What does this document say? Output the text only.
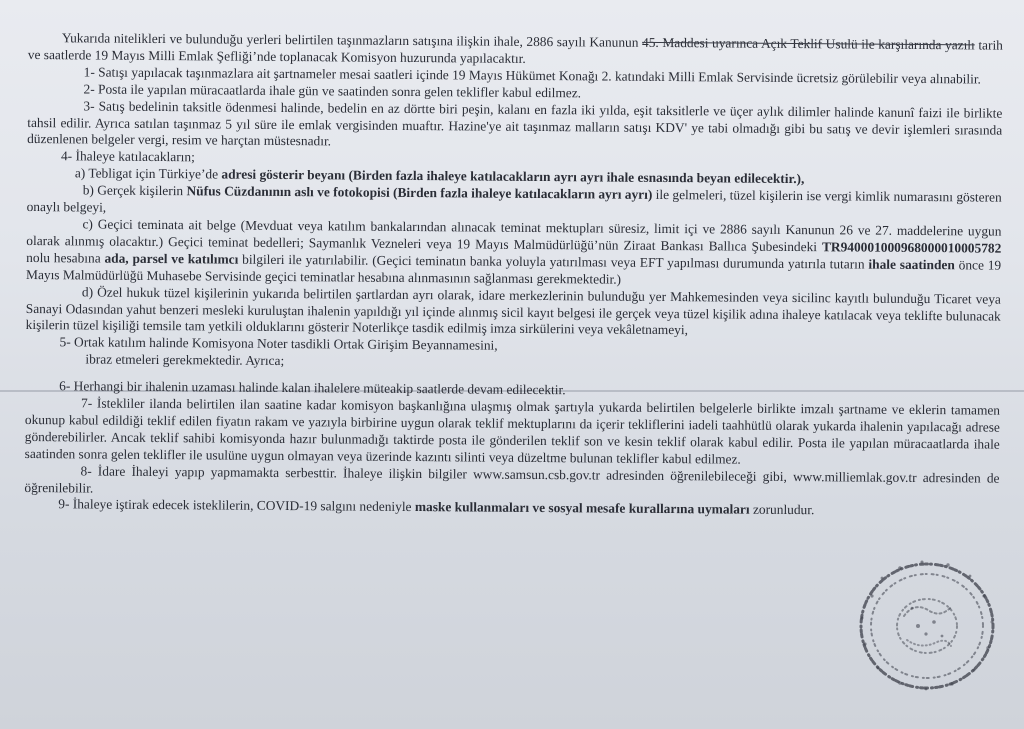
Yukarıda nitelikleri ve bulunduğu yerleri belirtilen taşınmazların satışına ilişkin ihale, 2886 sayılı Kanunun 45. Maddesi uyarınca Açık Teklif Usulü ile karşılarında yazılı tarih ve saatlerde 19 Mayıs Milli Emlak Şefliği’nde toplanacak Komisyon huzurunda yapılacaktır.

1- Satışı yapılacak taşınmazlara ait şartnameler mesai saatleri içinde 19 Mayıs Hükümet Konağı 2. katındaki Milli Emlak Servisinde ücretsiz görülebilir veya alınabilir.

2- Posta ile yapılan müracaatlarda ihale gün ve saatinden sonra gelen teklifler kabul edilmez.

3- Satış bedelinin taksitle ödenmesi halinde, bedelin en az dörtte biri peşin, kalanı en fazla iki yılda, eşit taksitlerle ve üçer aylık dilimler halinde kanunî faizi ile birlikte tahsil edilir. Ayrıca satılan taşınmaz 5 yıl süre ile emlak vergisinden muaftır. Hazine'ye ait taşınmaz malların satışı KDV' ye tabi olmadığı gibi bu satış ve devir işlemleri sırasında düzenlenen belgeler vergi, resim ve harçtan müstesnadır.

4- İhaleye katılacakların;

a) Tebligat için Türkiye’de adresi gösterir beyanı (Birden fazla ihaleye katılacakların ayrı ayrı ihale esnasında beyan edilecektir.),

b) Gerçek kişilerin Nüfus Cüzdanının aslı ve fotokopisi (Birden fazla ihaleye katılacakların ayrı ayrı) ile gelmeleri, tüzel kişilerin ise vergi kimlik numarasını gösteren onaylı belgeyi,

c) Geçici teminata ait belge (Mevduat veya katılım bankalarından alınacak teminat mektupları süresiz, limit içi ve 2886 sayılı Kanunun 26 ve 27. maddelerine uygun olarak alınmış olacaktır.) Geçici teminat bedelleri; Saymanlık Vezneleri veya 19 Mayıs Malmüdürlüğü’nün Ziraat Bankası Ballıca Şubesindeki TR940001000968000010005782 nolu hesabına ada, parsel ve katılımcı bilgileri ile yatırılabilir. (Geçici teminatın banka yoluyla yatırılması veya EFT yapılması durumunda yatırıla tutarın ihale saatinden önce 19 Mayıs Malmüdürlüğü Muhasebe Servisinde geçici teminatlar hesabına alınmasının sağlanması gerekmektedir.)

d) Özel hukuk tüzel kişilerinin yukarıda belirtilen şartlardan ayrı olarak, idare merkezlerinin bulunduğu yer Mahkemesinden veya sicilinc kayıtlı bulunduğu Ticaret veya Sanayi Odasından yahut benzeri mesleki kuruluştan ihalenin yapıldığı yıl içinde alınmış sicil kayıt belgesi ile gerçek veya tüzel kişilik adına ihaleye katılacak veya teklifte bulunacak kişilerin tüzel kişiliği temsile tam yetkili olduklarını gösterir Noterlikçe tasdik edilmiş imza sirkülerini veya vekâletnameyi,

5- Ortak katılım halinde Komisyona Noter tasdikli Ortak Girişim Beyannamesini,

ibraz etmeleri gerekmektedir. Ayrıca;

6- Herhangi bir ihalenin uzaması halinde kalan ihalelere müteakip saatlerde devam edilecektir.

7- İstekliler ilanda belirtilen ilan saatine kadar komisyon başkanlığına ulaşmış olmak şartıyla yukarda belirtilen belgelerle birlikte imzalı şartname ve eklerin tamamen okunup kabul edildiği teklif edilen fiyatın rakam ve yazıyla birbirine uygun olarak teklif mektuplarını da içerir tekliflerini iadeli taahhütlü olarak yukarda ihalenin yapılacağı adrese gönderebilirler. Ancak teklif sahibi komisyonda hazır bulunmadığı taktirde posta ile gönderilen teklif son ve kesin teklif olarak kabul edilir. Posta ile yapılan müracaatlarda ihale saatinden sonra gelen teklifler ile usulüne uygun olmayan veya üzerinde kazıntı silinti veya düzeltme bulunan teklifler kabul edilmez.

8- İdare İhaleyi yapıp yapmamakta serbesttir. İhaleye ilişkin bilgiler www.samsun.csb.gov.tr adresinden öğrenilebileceği gibi, www.milliemlak.gov.tr adresinden de öğrenilebilir.

9- İhaleye iştirak edecek isteklilerin, COVID-19 salgını nedeniyle maske kullanmaları ve sosyal mesafe kurallarına uymaları zorunludur.
